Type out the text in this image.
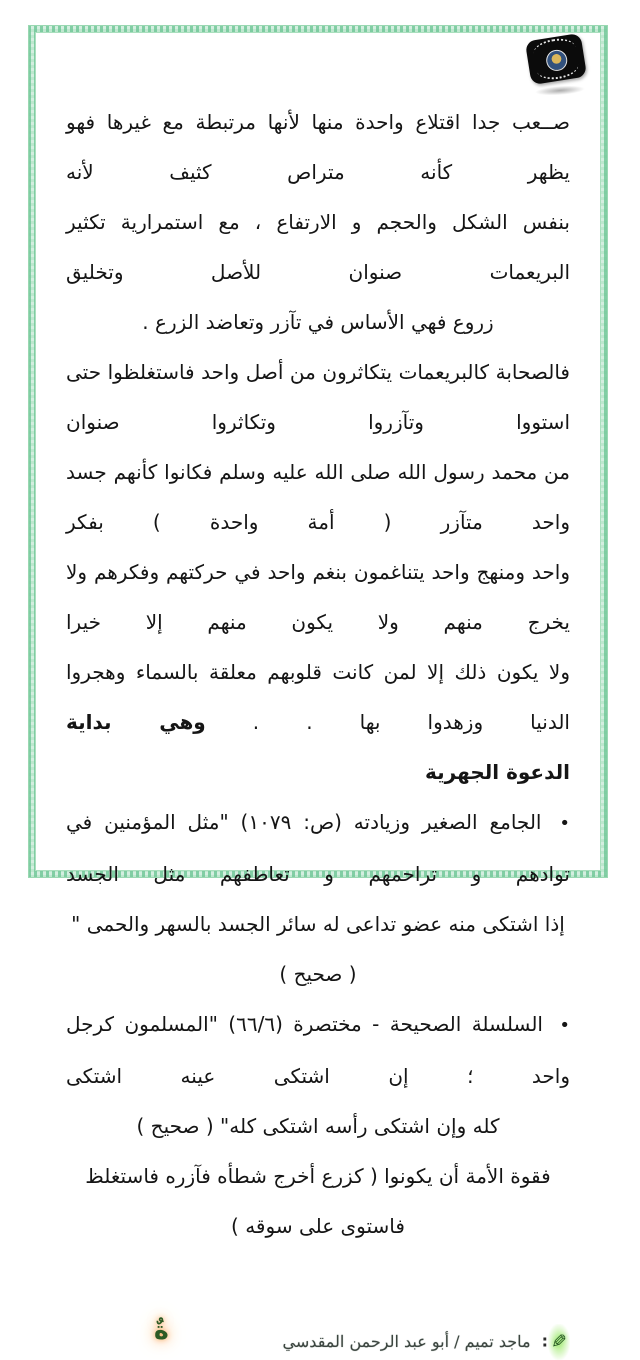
صــعب جدا اقتلاع واحدة منها لأنها مرتبطة مع غيرها فهو يظهر كأنه متراص كثيف لأنه
بنفس الشكل والحجم و الارتفاع ، مع استمرارية تكثير البريعمات صنوان للأصل وتخليق
زروع فهي الأساس في تآزر وتعاضد الزرع .
فالصحابة كالبريعمات يتكاثرون من أصل واحد فاستغلظوا حتى استووا وتآزروا وتكاثروا صنوان
من محمد رسول الله صلى الله عليه وسلم فكانوا كأنهم جسد واحد متآزر ( أمة واحدة ) بفكر
واحد ومنهج واحد يتناغمون بنغم واحد في حركتهم وفكرهم ولا يخرج منهم ولا يكون منهم إلا خيرا
ولا يكون ذلك إلا لمن كانت قلوبهم معلقة بالسماء وهجروا الدنيا وزهدوا بها . . وهي بداية
الدعوة الجهرية
• الجامع الصغير وزيادته (ص: ١٠٧٩) "مثل المؤمنين في توادهم و تراحمهم و تعاطفهم مثل الجسد
إذا اشتكى منه عضو تداعى له سائر الجسد بالسهر والحمى " ( صحيح )
• السلسلة الصحيحة - مختصرة (٦٦/٦) "المسلمون كرجل واحد ؛ إن اشتكى عينه اشتكى
كله وإن اشتكى رأسه اشتكى كله" ( صحيح )
فقوة الأمة أن يكونوا ( كزرع أخرج شطأه فآزره فاستغلظ فاستوى على سوقه )
✎: ماجد تميم / أبو عبد الرحمن المقدسي
ةٌ
